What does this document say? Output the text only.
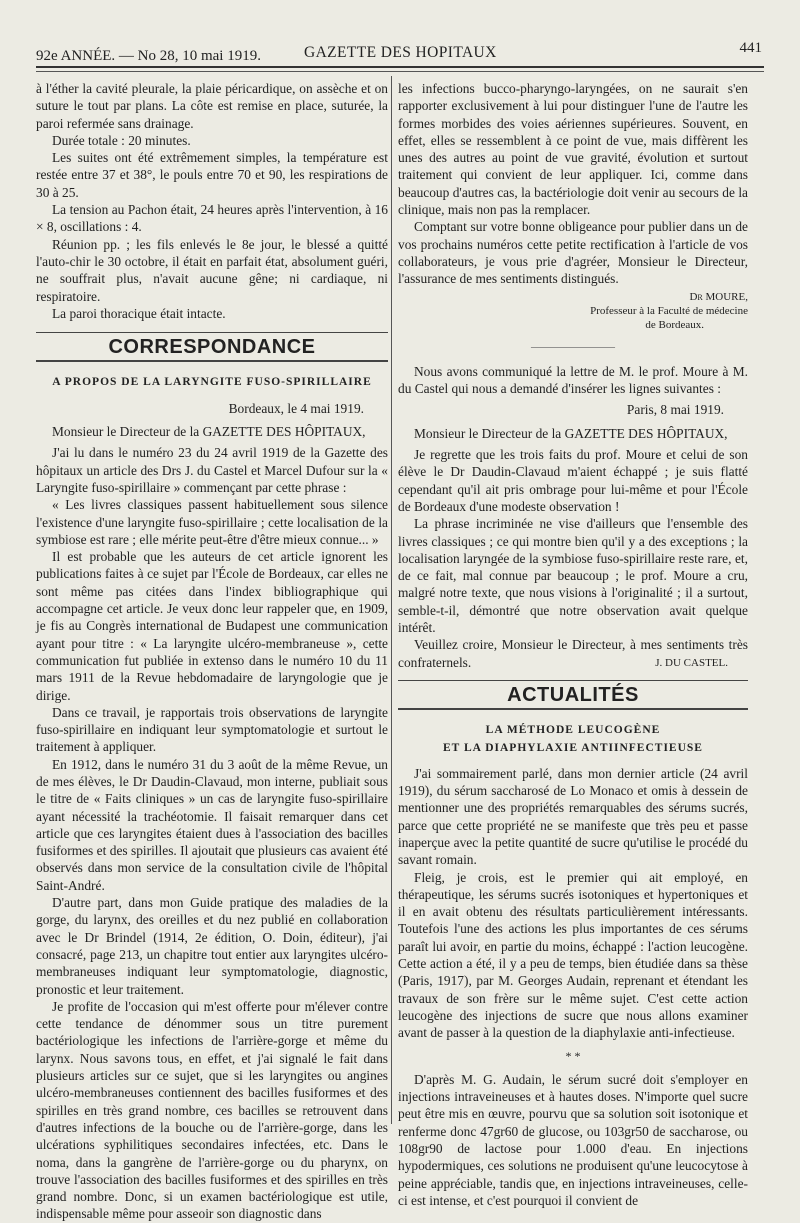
92e ANNÉE. — No 28, 10 mai 1919.	GAZETTE DES HOPITAUX	441

à l'éther la cavité pleurale, la plaie péricardique, on assèche et on suture le tout par plans. La côte est remise en place, suturée, la paroi refermée sans drainage.

Durée totale : 20 minutes.

Les suites ont été extrêmement simples, la température est restée entre 37 et 38°, le pouls entre 70 et 90, les respirations de 30 à 25.

La tension au Pachon était, 24 heures après l'intervention, à 16 × 8, oscillations : 4.

Réunion pp. ; les fils enlevés le 8e jour, le blessé a quitté l'auto-chir le 30 octobre, il était en parfait état, absolument guéri, ne souffrait plus, n'avait aucune gêne; ni cardiaque, ni respiratoire.

La paroi thoracique était intacte.

CORRESPONDANCE
A PROPOS DE LA LARYNGITE FUSO-SPIRILLAIRE

Bordeaux, le 4 mai 1919.

Monsieur le Directeur de la GAZETTE DES HÔPITAUX,

J'ai lu dans le numéro 23 du 24 avril 1919 de la Gazette des hôpitaux un article des Drs J. du Castel et Marcel Dufour sur la « Laryngite fuso-spirillaire » commençant par cette phrase :

« Les livres classiques passent habituellement sous silence l'existence d'une laryngite fuso-spirillaire ; cette localisation de la symbiose est rare ; elle mérite peut-être d'être mieux connue... »

Il est probable que les auteurs de cet article ignorent les publications faites à ce sujet par l'École de Bordeaux, car elles ne sont même pas citées dans l'index bibliographique qui accompagne cet article. Je veux donc leur rappeler que, en 1909, je fis au Congrès international de Budapest une communication ayant pour titre : « La laryngite ulcéro-membraneuse », cette communication fut publiée in extenso dans le numéro 10 du 11 mars 1911 de la Revue hebdomadaire de laryngologie que je dirige.

Dans ce travail, je rapportais trois observations de laryngite fuso-spirillaire en indiquant leur symptomatologie et surtout le traitement à appliquer.

En 1912, dans le numéro 31 du 3 août de la même Revue, un de mes élèves, le Dr Daudin-Clavaud, mon interne, publiait sous le titre de « Faits cliniques » un cas de laryngite fuso-spirillaire ayant nécessité la trachéotomie. Il faisait remarquer dans cet article que ces laryngites étaient dues à l'association des bacilles fusiformes et des spirilles. Il ajoutait que plusieurs cas avaient été observés dans mon service de la consultation civile de l'hôpital Saint-André.

D'autre part, dans mon Guide pratique des maladies de la gorge, du larynx, des oreilles et du nez publié en collaboration avec le Dr Brindel (1914, 2e édition, O. Doin, éditeur), j'ai consacré, page 213, un chapitre tout entier aux laryngites ulcéro-membraneuses indiquant leur symptomatologie, diagnostic, pronostic et leur traitement.

Je profite de l'occasion qui m'est offerte pour m'élever contre cette tendance de dénommer sous un titre purement bactériologique les infections de l'arrière-gorge et même du larynx. Nous savons tous, en effet, et j'ai signalé le fait dans plusieurs articles sur ce sujet, que si les laryngites ou angines ulcéro-membraneuses contiennent des bacilles fusiformes et des spirilles en très grand nombre, ces bacilles se retrouvent dans d'autres infections de la bouche ou de l'arrière-gorge, dans les ulcérations syphilitiques secondaires infectées, etc. Dans le noma, dans la gangrène de l'arrière-gorge ou du pharynx, on trouve l'association des bacilles fusiformes et des spirilles en très grand nombre. Donc, si un examen bactériologique est utile, indispensable même pour asseoir son diagnostic dans

les infections bucco-pharyngo-laryngées, on ne saurait s'en rapporter exclusivement à lui pour distinguer l'une de l'autre les formes morbides des voies aériennes supérieures. Souvent, en effet, elles se ressemblent à ce point de vue, mais diffèrent les unes des autres au point de vue gravité, évolution et surtout traitement qui convient de leur appliquer. Ici, comme dans beaucoup d'autres cas, la bactériologie doit venir au secours de la clinique, mais non pas la remplacer.

Comptant sur votre bonne obligeance pour publier dans un de vos prochains numéros cette petite rectification à l'article de vos collaborateurs, je vous prie d'agréer, Monsieur le Directeur, l'assurance de mes sentiments distingués.

Dr MOURE,
Professeur à la Faculté de médecine
de Bordeaux.
———————

Nous avons communiqué la lettre de M. le prof. Moure à M. du Castel qui nous a demandé d'insérer les lignes suivantes :

Paris, 8 mai 1919.

Monsieur le Directeur de la GAZETTE DES HÔPITAUX,

Je regrette que les trois faits du prof. Moure et celui de son élève le Dr Daudin-Clavaud m'aient échappé ; je suis flatté cependant qu'il ait pris ombrage pour lui-même et pour l'École de Bordeaux d'une modeste observation !

La phrase incriminée ne vise d'ailleurs que l'ensemble des livres classiques ; ce qui montre bien qu'il y a des exceptions ; la localisation laryngée de la symbiose fuso-spirillaire reste rare, et, de ce fait, mal connue par beaucoup ; le prof. Moure a cru, malgré notre texte, que nous visions à l'originalité ; il a surtout, semble-t-il, démontré que notre observation avait quelque intérêt.

Veuillez croire, Monsieur le Directeur, à mes sentiments très confraternels.	J. DU CASTEL.
ACTUALITÉS
LA MÉTHODE LEUCOGÈNE
ET LA DIAPHYLAXIE ANTIINFECTIEUSE

J'ai sommairement parlé, dans mon dernier article (24 avril 1919), du sérum saccharosé de Lo Monaco et omis à dessein de mentionner une des propriétés remarquables des sérums sucrés, parce que cette propriété ne se manifeste que très peu et passe inaperçue avec la petite quantité de sucre qu'utilise le procédé du savant romain.

Fleig, je crois, est le premier qui ait employé, en thérapeutique, les sérums sucrés isotoniques et hypertoniques et il en avait obtenu des résultats particulièrement intéressants. Toutefois l'une des actions les plus importantes de ces sérums paraît lui avoir, en partie du moins, échappé : l'action leucogène. Cette action a été, il y a peu de temps, bien étudiée dans sa thèse (Paris, 1917), par M. Georges Audain, reprenant et étendant les travaux de son frère sur le même sujet. C'est cette action leucogène des injections de sucre que nous allons examiner avant de passer à la question de la diaphylaxie anti-infectieuse.

* *

D'après M. G. Audain, le sérum sucré doit s'employer en injections intraveineuses et à hautes doses. N'importe quel sucre peut être mis en œuvre, pourvu que sa solution soit isotonique et renferme donc 47gr60 de glucose, ou 103gr50 de saccharose, ou 108gr90 de lactose pour 1.000 d'eau. En injections hypodermiques, ces solutions ne produisent qu'une leucocytose à peine appréciable, tandis que, en injections intraveineuses, celle-ci est intense, et c'est pourquoi il convient de
